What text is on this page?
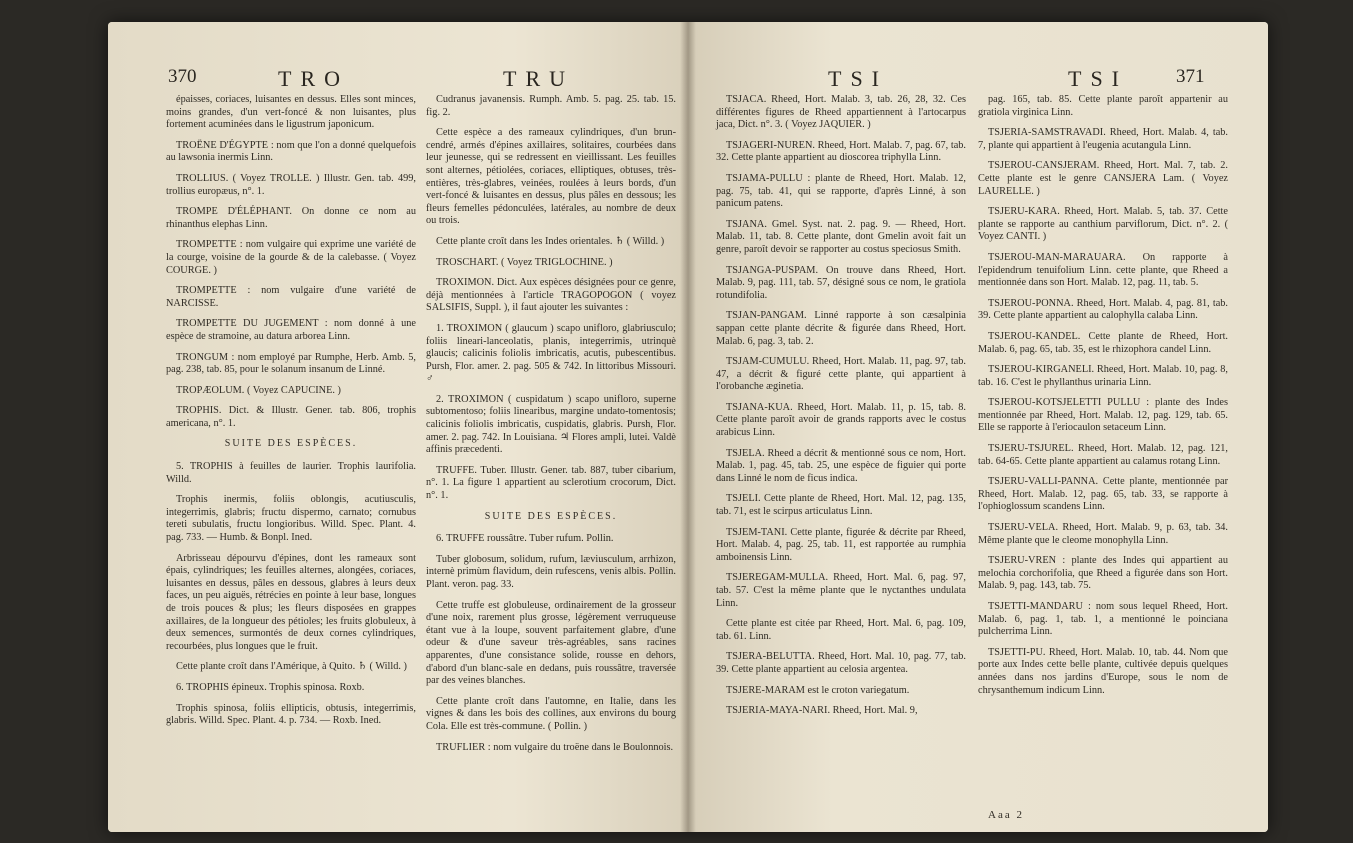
370	TRO	TRU

épaisses, coriaces, luisantes en dessus. Elles sont minces, moins grandes, d'un vert-foncé & non luisantes, plus fortement acuminées dans le ligustrum japonicum.

TROËNE D'ÉGYPTE : nom que l'on a donné quelquefois au lawsonia inermis Linn.

TROLLIUS. ( Voyez TROLLE. ) Illustr. Gen. tab. 499, trollius europæus, n°. 1.

TROMPE D'ÉLÉPHANT. On donne ce nom au rhinanthus elephas Linn.

TROMPETTE : nom vulgaire qui exprime une variété de la courge, voisine de la gourde & de la calebasse. ( Voyez COURGE. )

TROMPETTE : nom vulgaire d'une variété de NARCISSE.

TROMPETTE DU JUGEMENT : nom donné à une espèce de stramoine, au datura arborea Linn.

TRONGUM : nom employé par Rumphe, Herb. Amb. 5, pag. 238, tab. 85, pour le solanum insanum de Linné.

TROPÆOLUM. ( Voyez CAPUCINE. )

TROPHIS. Dict. & Illustr. Gener. tab. 806, trophis americana, n°. 1.

SUITE DES ESPÈCES.

5. TROPHIS à feuilles de laurier. Trophis laurifolia. Willd.

Trophis inermis, foliis oblongis, acutiusculis, integerrimis, glabris; fructu dispermo, carnato; cornubus tereti subulatis, fructu longioribus. Willd. Spec. Plant. 4. pag. 733. — Humb. & Bonpl. Ined.

Arbrisseau dépourvu d'épines, dont les rameaux sont épais, cylindriques; les feuilles alternes, alongées, coriaces, luisantes en dessus, pâles en dessous, glabres à leurs deux faces, un peu aiguës, rétrécies en pointe à leur base, longues de trois pouces & plus; les fleurs disposées en grappes axillaires, de la longueur des pétioles; les fruits globuleux, à deux semences, surmontés de deux cornes cylindriques, recourbées, plus longues que le fruit.

Cette plante croît dans l'Amérique, à Quito. ♄ ( Willd. )

6. TROPHIS épineux. Trophis spinosa. Roxb.

Trophis spinosa, foliis ellipticis, obtusis, integerrimis, glabris. Willd. Spec. Plant. 4. p. 734. — Roxb. Ined.

Cudranus javanensis. Rumph. Amb. 5. pag. 25. tab. 15. fig. 2.

Cette espèce a des rameaux cylindriques, d'un brun-cendré, armés d'épines axillaires, solitaires, courbées dans leur jeunesse, qui se redressent en vieillissant. Les feuilles sont alternes, pétiolées, coriaces, elliptiques, obtuses, très-entières, très-glabres, veinées, roulées à leurs bords, d'un vert-foncé & luisantes en dessus, plus pâles en dessous; les fleurs femelles pédonculées, latérales, au nombre de deux ou trois.

Cette plante croît dans les Indes orientales. ♄ ( Willd. )

TROSCHART. ( Voyez TRIGLOCHINE. )

TROXIMON. Dict. Aux espèces désignées pour ce genre, déjà mentionnées à l'article TRAGOPOGON ( voyez SALSIFIS, Suppl. ), il faut ajouter les suivantes :

1. TROXIMON ( glaucum ) scapo unifloro, glabriusculo; foliis lineari-lanceolatis, planis, integerrimis, utrinquè glaucis; calicinis foliolis imbricatis, acutis, pubescentibus. Pursh, Flor. amer. 2. pag. 505 & 742. In littoribus Missouri. ♂

2. TROXIMON ( cuspidatum ) scapo unifloro, superne subtomentoso; foliis linearibus, margine undato-tomentosis; calicinis foliolis imbricatis, cuspidatis, glabris. Pursh, Flor. amer. 2. pag. 742. In Louisiana. ♃ Flores ampli, lutei. Valdè affinis præcedenti.

TRUFFE. Tuber. Illustr. Gener. tab. 887, tuber cibarium, n°. 1. La figure 1 appartient au sclerotium crocorum, Dict. n°. 1.

SUITE DES ESPÈCES.

6. TRUFFE roussâtre. Tuber rufum. Pollin.

Tuber globosum, solidum, rufum, læviusculum, arrhizon, internè primùm flavidum, dein rufescens, venis albis. Pollin. Plant. veron. pag. 33.

Cette truffe est globuleuse, ordinairement de la grosseur d'une noix, rarement plus grosse, légèrement verruqueuse étant vue à la loupe, souvent parfaitement glabre, d'une odeur & d'une saveur très-agréables, sans racines apparentes, d'une consistance solide, rousse en dehors, d'abord d'un blanc-sale en dedans, puis roussâtre, traversée par des veines blanches.

Cette plante croît dans l'automne, en Italie, dans les vignes & dans les bois des collines, aux environs du bourg Cola. Elle est très-commune. ( Pollin. )

TRUFLIER : nom vulgaire du troëne dans le Boulonnois.

TSI	TSI	371

TSJACA. Rheed, Hort. Malab. 3, tab. 26, 28, 32. Ces différentes figures de Rheed appartiennent à l'artocarpus jaca, Dict. n°. 3. ( Voyez JAQUIER. )

TSJAGERI-NUREN. Rheed, Hort. Malab. 7, pag. 67, tab. 32. Cette plante appartient au dioscorea triphylla Linn.

TSJAMA-PULLU : plante de Rheed, Hort. Malab. 12, pag. 75, tab. 41, qui se rapporte, d'après Linné, à son panicum patens.

TSJANA. Gmel. Syst. nat. 2. pag. 9. — Rheed, Hort. Malab. 11, tab. 8. Cette plante, dont Gmelin avoit fait un genre, paroît devoir se rapporter au costus speciosus Smith.

TSJANGA-PUSPAM. On trouve dans Rheed, Hort. Malab. 9, pag. 111, tab. 57, désigné sous ce nom, le gratiola rotundifolia.

TSJAN-PANGAM. Linné rapporte à son cæsalpinia sappan cette plante décrite & figurée dans Rheed, Hort. Malab. 6, pag. 3, tab. 2.

TSJAM-CUMULU. Rheed, Hort. Malab. 11, pag. 97, tab. 47, a décrit & figuré cette plante, qui appartient à l'orobanche æginetia.

TSJANA-KUA. Rheed, Hort. Malab. 11, p. 15, tab. 8. Cette plante paroît avoir de grands rapports avec le costus arabicus Linn.

TSJELA. Rheed a décrit & mentionné sous ce nom, Hort. Malab. 1, pag. 45, tab. 25, une espèce de figuier qui porte dans Linné le nom de ficus indica.

TSJELI. Cette plante de Rheed, Hort. Mal. 12, pag. 135, tab. 71, est le scirpus articulatus Linn.

TSJEM-TANI. Cette plante, figurée & décrite par Rheed, Hort. Malab. 4, pag. 25, tab. 11, est rapportée au rumphia amboinensis Linn.

TSJEREGAM-MULLA. Rheed, Hort. Mal. 6, pag. 97, tab. 57. C'est la même plante que le nyctanthes undulata Linn.

Cette plante est citée par Rheed, Hort. Mal. 6, pag. 109, tab. 61. Linn.

TSJERA-BELUTTA. Rheed, Hort. Mal. 10, pag. 77, tab. 39. Cette plante appartient au celosia argentea.

TSJERE-MARAM est le croton variegatum.

TSJERIA-MAYA-NARI. Rheed, Hort. Mal. 9,

pag. 165, tab. 85. Cette plante paroît appartenir au gratiola virginica Linn.

TSJERIA-SAMSTRAVADI. Rheed, Hort. Malab. 4, tab. 7, plante qui appartient à l'eugenia acutangula Linn.

TSJEROU-CANSJERAM. Rheed, Hort. Mal. 7, tab. 2. Cette plante est le genre CANSJERA Lam. ( Voyez LAURELLE. )

TSJERU-KARA. Rheed, Hort. Malab. 5, tab. 37. Cette plante se rapporte au canthium parviflorum, Dict. n°. 2. ( Voyez CANTI. )

TSJEROU-MAN-MARAUARA. On rapporte à l'epidendrum tenuifolium Linn. cette plante, que Rheed a mentionnée dans son Hort. Malab. 12, pag. 11, tab. 5.

TSJEROU-PONNA. Rheed, Hort. Malab. 4, pag. 81, tab. 39. Cette plante appartient au calophylla calaba Linn.

TSJEROU-KANDEL. Cette plante de Rheed, Hort. Malab. 6, pag. 65, tab. 35, est le rhizophora candel Linn.

TSJEROU-KIRGANELI. Rheed, Hort. Malab. 10, pag. 8, tab. 16. C'est le phyllanthus urinaria Linn.

TSJEROU-KOTSJELETTI PULLU : plante des Indes mentionnée par Rheed, Hort. Malab. 12, pag. 129, tab. 65. Elle se rapporte à l'eriocaulon setaceum Linn.

TSJERU-TSJUREL. Rheed, Hort. Malab. 12, pag. 121, tab. 64-65. Cette plante appartient au calamus rotang Linn.

TSJERU-VALLI-PANNA. Cette plante, mentionnée par Rheed, Hort. Malab. 12, pag. 65, tab. 33, se rapporte à l'ophioglossum scandens Linn.

TSJERU-VELA. Rheed, Hort. Malab. 9, p. 63, tab. 34. Même plante que le cleome monophylla Linn.

TSJERU-VREN : plante des Indes qui appartient au melochia corchorifolia, que Rheed a figurée dans son Hort. Malab. 9, pag. 143, tab. 75.

TSJETTI-MANDARU : nom sous lequel Rheed, Hort. Malab. 6, pag. 1, tab. 1, a mentionné le poinciana pulcherrima Linn.

TSJETTI-PU. Rheed, Hort. Malab. 10, tab. 44. Nom que porte aux Indes cette belle plante, cultivée depuis quelques années dans nos jardins d'Europe, sous le nom de chrysanthemum indicum Linn.

Aaa 2
